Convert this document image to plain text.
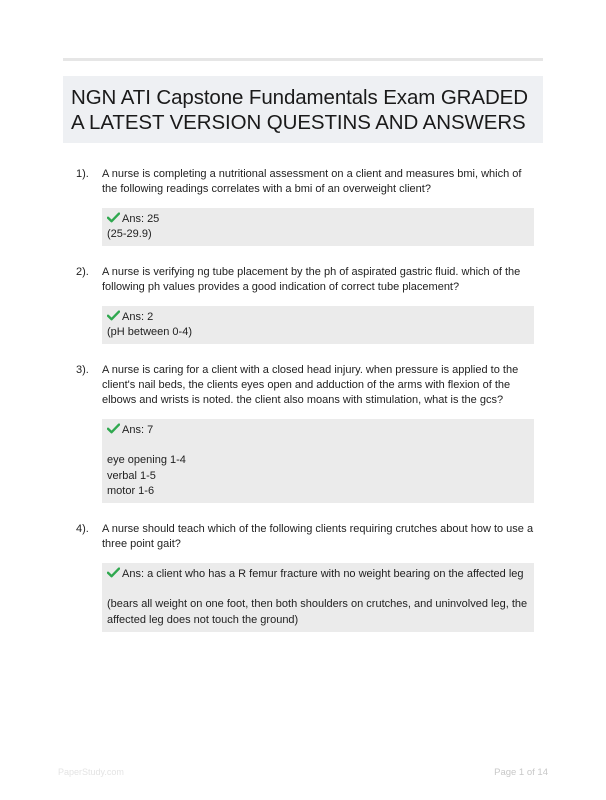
NGN ATI Capstone Fundamentals Exam GRADED A LATEST VERSION QUESTINS AND ANSWERS
1). A nurse is completing a nutritional assessment on a client and measures bmi, which of the following readings correlates with a bmi of an overweight client?

Ans: 25
(25-29.9)
2). A nurse is verifying ng tube placement by the ph of aspirated gastric fluid. which of the following ph values provides a good indication of correct tube placement?

Ans: 2
(pH between 0-4)
3). A nurse is caring for a client with a closed head injury. when pressure is applied to the client's nail beds, the clients eyes open and adduction of the arms with flexion of the elbows and wrists is noted. the client also moans with stimulation, what is the gcs?

Ans: 7
eye opening 1-4
verbal 1-5
motor 1-6
4). A nurse should teach which of the following clients requiring crutches about how to use a three point gait?

Ans: a client who has a R femur fracture with no weight bearing on the affected leg
(bears all weight on one foot, then both shoulders on crutches, and uninvolved leg, the affected leg does not touch the ground)
PaperStudy.com	Page 1 of 14
